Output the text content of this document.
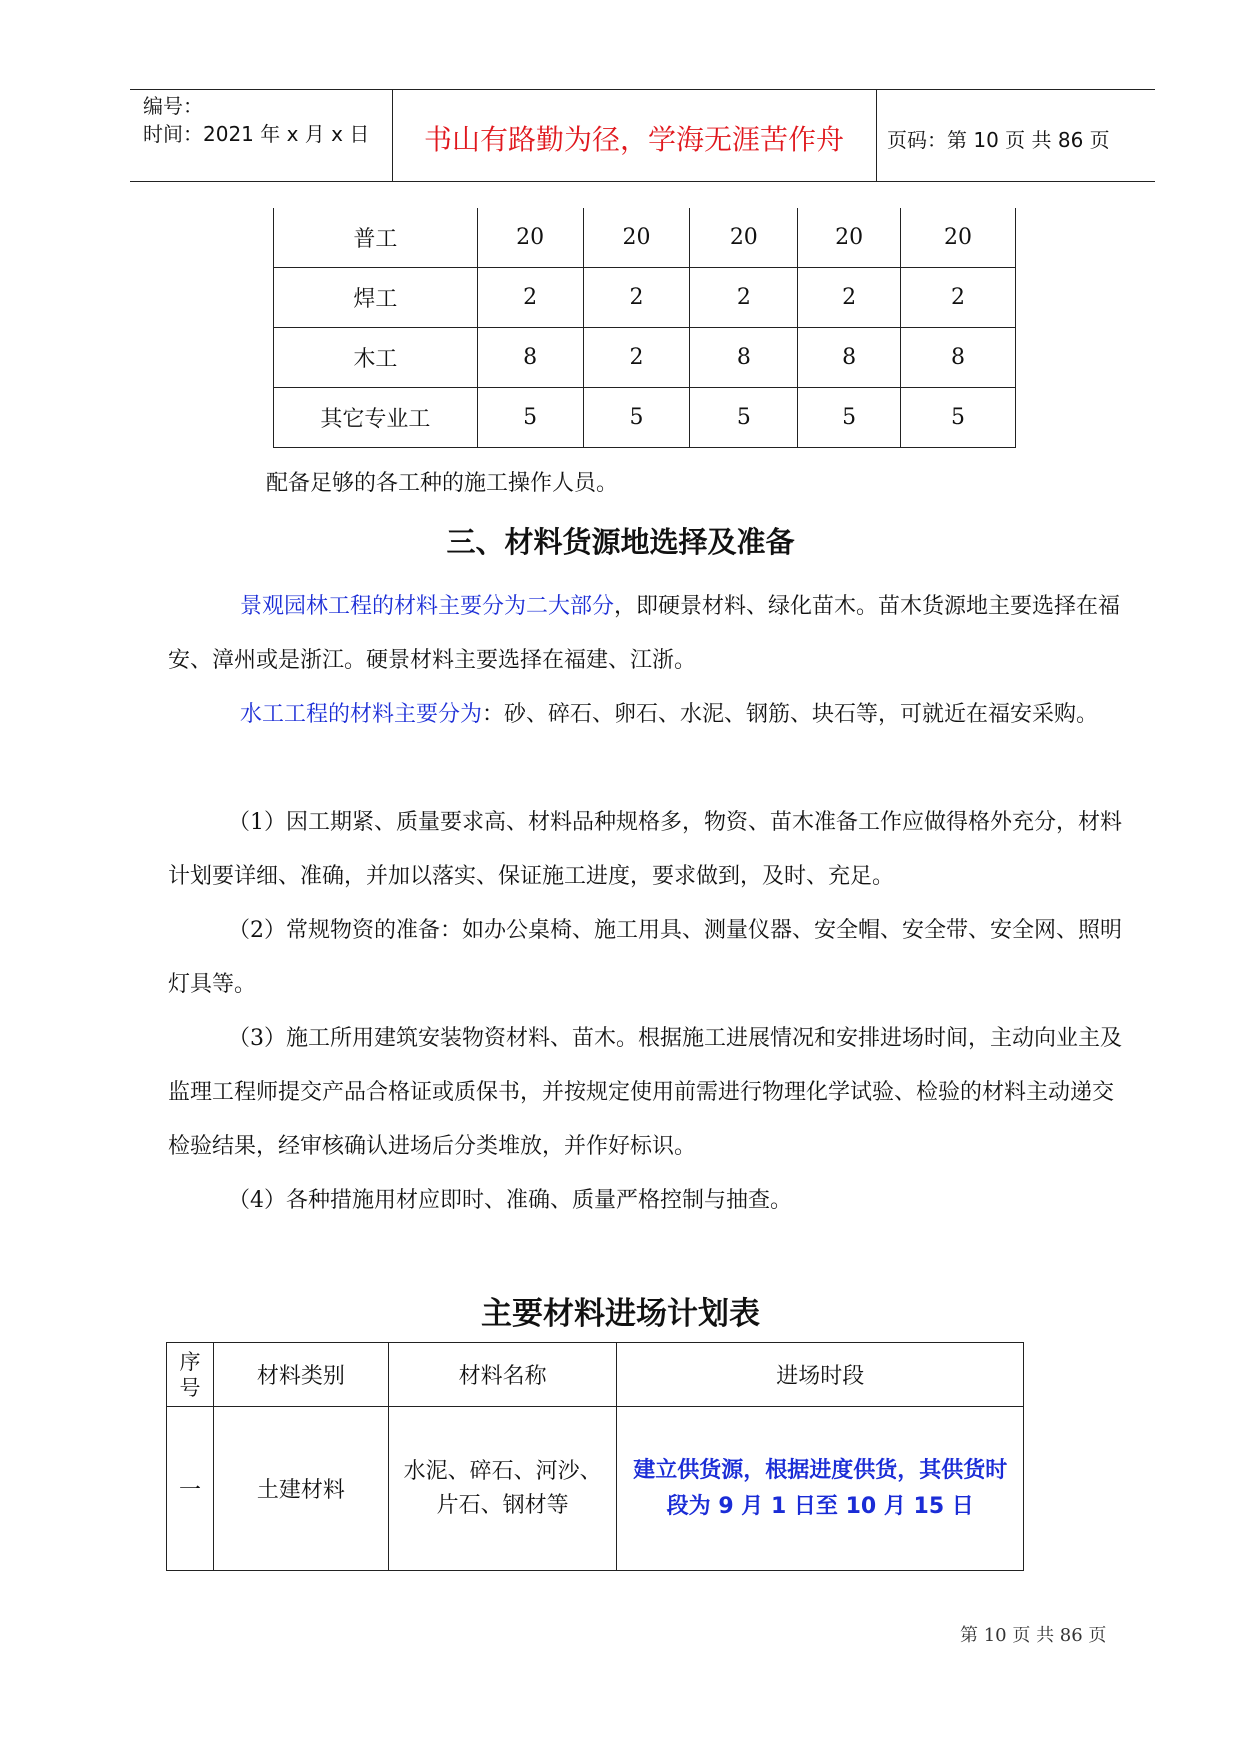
编号：
时间：2021 年 x 月 x 日	书山有路勤为径，学海无涯苦作舟	页码：第 10 页 共 86 页
普工	20	20	20	20	20
焊工	2	2	2	2	2
木工	8	2	8	8	8
其它专业工	5	5	5	5	5

配备足够的各工种的施工操作人员。

三、材料货源地选择及准备

景观园林工程的材料主要分为二大部分，即硬景材料、绿化苗木。苗木货源地主要选择在福安、漳州或是浙江。硬景材料主要选择在福建、江浙。

水工工程的材料主要分为：砂、碎石、卵石、水泥、钢筋、块石等，可就近在福安采购。

（1）因工期紧、质量要求高、材料品种规格多，物资、苗木准备工作应做得格外充分，材料计划要详细、准确，并加以落实、保证施工进度，要求做到，及时、充足。

（2）常规物资的准备：如办公桌椅、施工用具、测量仪器、安全帽、安全带、安全网、照明灯具等。

（3）施工所用建筑安装物资材料、苗木。根据施工进展情况和安排进场时间，主动向业主及监理工程师提交产品合格证或质保书，并按规定使用前需进行物理化学试验、检验的材料主动递交检验结果，经审核确认进场后分类堆放，并作好标识。

（4）各种措施用材应即时、准确、质量严格控制与抽查。

主要材料进场计划表
序号	材料类别	材料名称	进场时段
一	土建材料	水泥、碎石、河沙、片石、钢材等	建立供货源，根据进度供货，其供货时段为 9 月 1 日至 10 月 15 日
第 10 页 共 86 页
